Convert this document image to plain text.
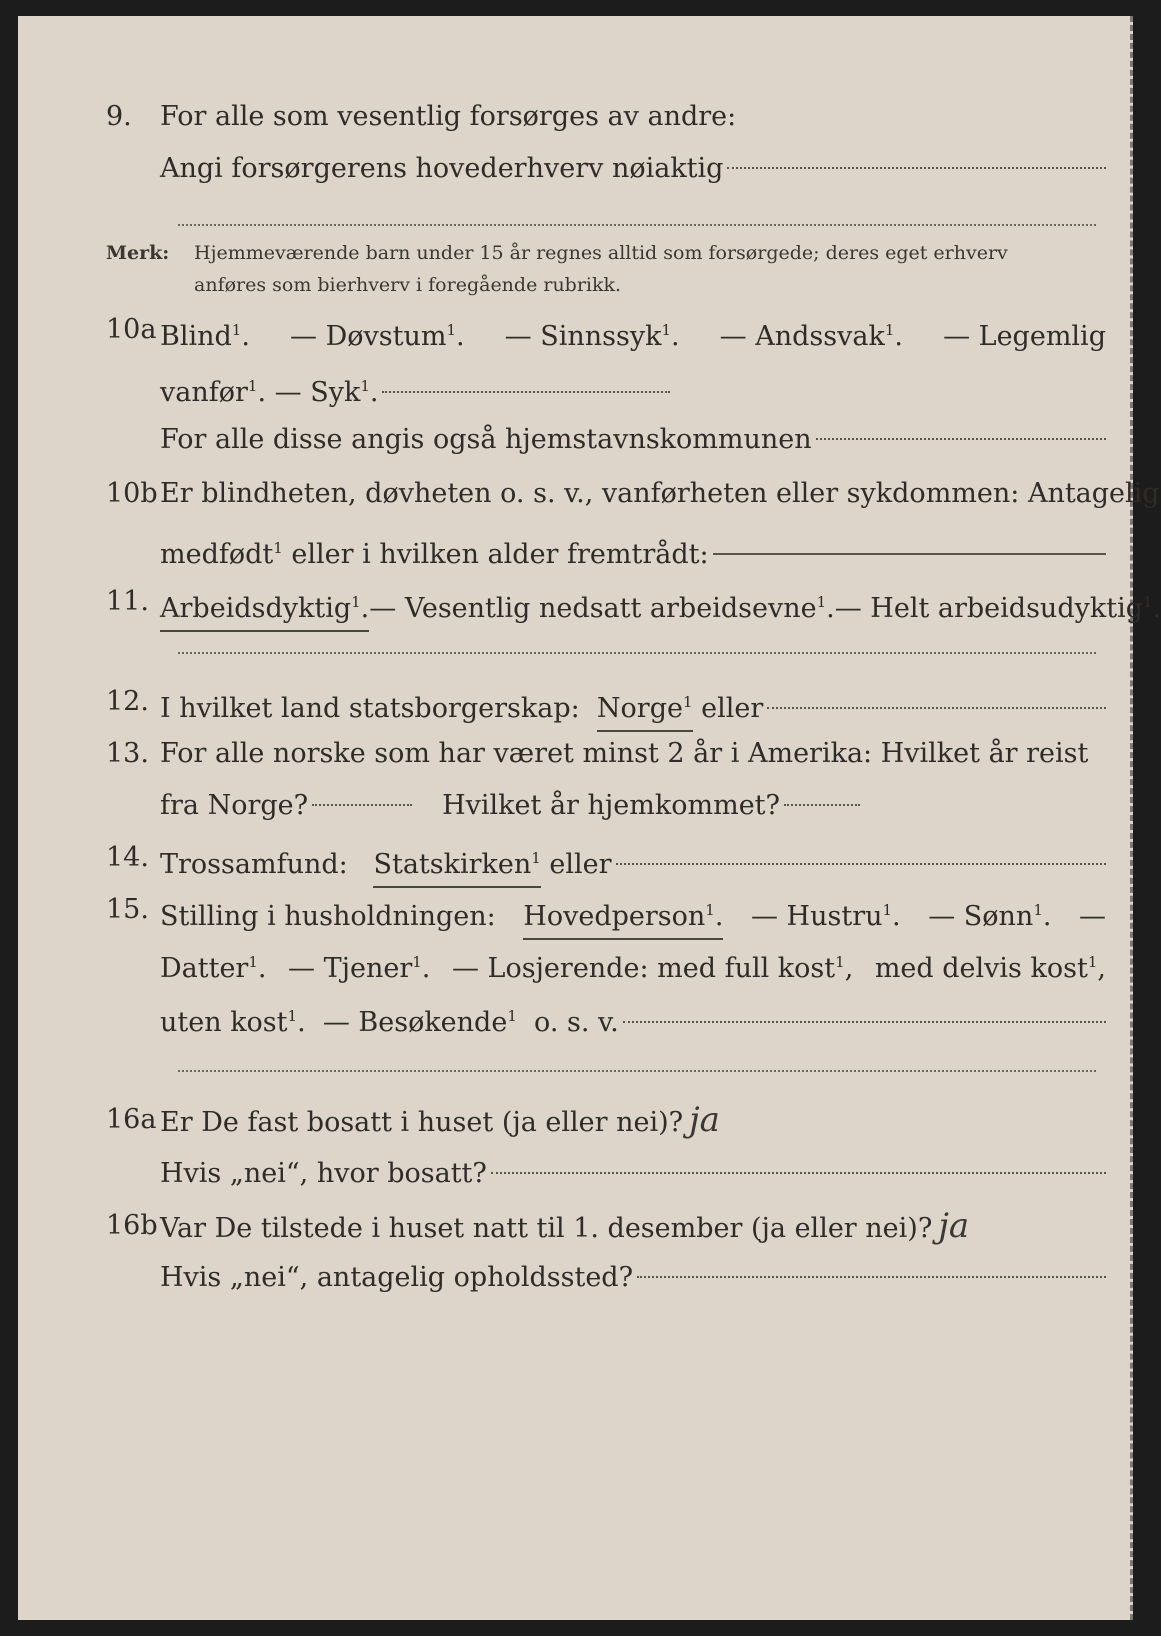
9. For alle som vesentlig forsørges av andre:
Angi forsørgerens hovederhverv nøiaktig
Merk: Hjemmeværende barn under 15 år regnes alltid som forsørgede; deres eget erhverv
anføres som bierhverv i foregående rubrikk.
10a Blind$^1$. — Døvstum$^1$. — Sinnssyk$^1$. — Andssvak$^1$. — Legemlig
vanfør$^1$. — Syk$^1$.
For alle disse angis også hjemstavnskommunen
10b Er blindheten, døvheten o. s. v., vanførheten eller sykdommen: Antagelig
medfødt$^1$ eller i hvilken alder fremtrådt:
11. Arbeidsdyktig$^1$. — Vesentlig nedsatt arbeidsevne$^1$. — Helt arbeidsudyktig$^1$.
12. I hvilket land statsborgerskap:
Norge$^1$
eller
13. For alle norske som har været minst 2 år i Amerika: Hvilket år reist
fra Norge?	Hvilket år hjemkommet?
14. Trossamfund:
Statskirken$^1$
eller
15. Stilling i husholdningen: Hovedperson$^1$. — Hustru$^1$. — Sønn$^1$. —
Datter$^1$. — Tjener$^1$. — Losjerende: med full kost$^1$, med delvis kost$^1$,
uten kost$^1$. — Besøkende$^1$ o. s. v.
16a Er De fast bosatt i huset (ja eller nei)? ja
Hvis „nei“, hvor bosatt?
16b Var De tilstede i huset natt til 1. desember (ja eller nei)? ja
Hvis „nei“, antagelig opholdssted?
